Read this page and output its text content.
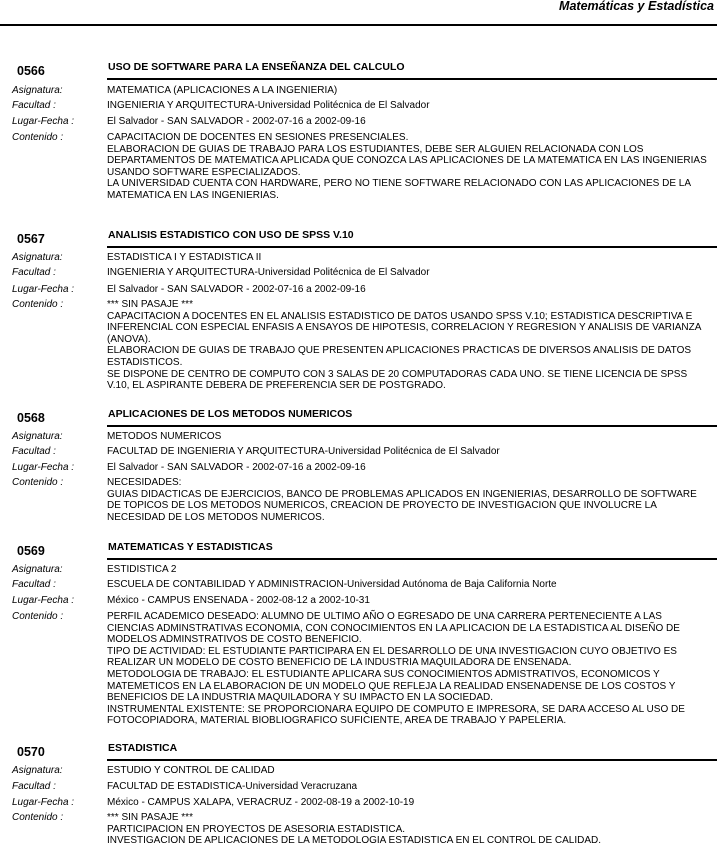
Matemáticas y Estadística
0566	USO DE SOFTWARE PARA LA ENSEÑANZA DEL CALCULO
Asignatura:	MATEMATICA (APLICACIONES A LA INGENIERIA)
Facultad :	INGENIERIA Y ARQUITECTURA-Universidad Politécnica de El Salvador
Lugar-Fecha :	El Salvador - SAN SALVADOR - 2002-07-16 a 2002-09-16
Contenido :	CAPACITACION DE DOCENTES EN SESIONES PRESENCIALES.
ELABORACION DE GUIAS DE TRABAJO PARA LOS ESTUDIANTES, DEBE SER ALGUIEN RELACIONADA CON LOS DEPARTAMENTOS DE MATEMATICA APLICADA QUE CONOZCA LAS APLICACIONES DE LA MATEMATICA EN LAS INGENIERIAS USANDO SOFTWARE ESPECIALIZADOS.
LA UNIVERSIDAD CUENTA CON HARDWARE, PERO NO TIENE SOFTWARE RELACIONADO CON LAS APLICACIONES DE LA MATEMATICA EN LAS INGENIERIAS.
0567	ANALISIS ESTADISTICO CON USO DE SPSS V.10
Asignatura:	ESTADISTICA I Y ESTADISTICA II
Facultad :	INGENIERIA Y ARQUITECTURA-Universidad Politécnica de El Salvador
Lugar-Fecha :	El Salvador - SAN SALVADOR - 2002-07-16 a 2002-09-16
Contenido :	*** SIN PASAJE ***
CAPACITACION A DOCENTES EN EL ANALISIS ESTADISTICO DE DATOS USANDO SPSS V.10; ESTADISTICA DESCRIPTIVA E INFERENCIAL CON ESPECIAL ENFASIS A ENSAYOS DE HIPOTESIS, CORRELACION Y REGRESION Y ANALISIS DE VARIANZA (ANOVA).
ELABORACION DE GUIAS DE TRABAJO QUE PRESENTEN APLICACIONES PRACTICAS DE DIVERSOS ANALISIS DE DATOS ESTADISTICOS.
SE DISPONE DE CENTRO DE COMPUTO CON 3 SALAS DE 20 COMPUTADORAS CADA UNO. SE TIENE LICENCIA DE SPSS V.10, EL ASPIRANTE DEBERA DE PREFERENCIA SER DE POSTGRADO.
0568	APLICACIONES DE LOS METODOS NUMERICOS
Asignatura:	METODOS NUMERICOS
Facultad :	FACULTAD DE INGENIERIA Y ARQUITECTURA-Universidad Politécnica de El Salvador
Lugar-Fecha :	El Salvador - SAN SALVADOR - 2002-07-16 a 2002-09-16
Contenido :	NECESIDADES:
GUIAS DIDACTICAS DE EJERCICIOS, BANCO DE PROBLEMAS APLICADOS EN INGENIERIAS, DESARROLLO DE SOFTWARE DE TOPICOS DE LOS METODOS NUMERICOS, CREACION DE PROYECTO DE INVESTIGACION QUE INVOLUCRE LA NECESIDAD DE LOS METODOS NUMERICOS.
0569	MATEMATICAS Y ESTADISTICAS
Asignatura:	ESTIDISTICA 2
Facultad :	ESCUELA DE CONTABILIDAD Y ADMINISTRACION-Universidad Autónoma de Baja California Norte
Lugar-Fecha :	México - CAMPUS ENSENADA - 2002-08-12 a 2002-10-31
Contenido :	PERFIL ACADEMICO DESEADO: ALUMNO DE ULTIMO AÑO O EGRESADO DE UNA CARRERA PERTENECIENTE A LAS CIENCIAS ADMINSTRATIVAS ECONOMIA, CON CONOCIMIENTOS EN LA APLICACION DE LA ESTADISTICA AL DISEÑO DE MODELOS ADMINSTRATIVOS DE COSTO BENEFICIO.
TIPO DE ACTIVIDAD: EL ESTUDIANTE PARTICIPARA EN EL DESARROLLO DE UNA INVESTIGACION CUYO OBJETIVO ES REALIZAR UN MODELO DE COSTO BENEFICIO DE LA INDUSTRIA MAQUILADORA DE ENSENADA.
METODOLOGIA DE TRABAJO: EL ESTUDIANTE APLICARA SUS CONOCIMIENTOS ADMISTRATIVOS, ECONOMICOS Y MATEMETICOS EN LA ELABORACION DE UN MODELO QUE REFLEJA LA REALIDAD ENSENADENSE DE LOS COSTOS Y BENEFICIOS DE LA INDUSTRIA MAQUILADORA Y SU IMPACTO EN LA SOCIEDAD.
INSTRUMENTAL EXISTENTE: SE PROPORCIONARA EQUIPO DE COMPUTO E IMPRESORA, SE DARA ACCESO AL USO DE FOTOCOPIADORA, MATERIAL BIOBLIOGRAFICO SUFICIENTE, AREA DE TRABAJO Y PAPELERIA.
0570	ESTADISTICA
Asignatura:	ESTUDIO Y CONTROL DE CALIDAD
Facultad :	FACULTAD DE ESTADISTICA-Universidad Veracruzana
Lugar-Fecha :	México - CAMPUS XALAPA, VERACRUZ - 2002-08-19 a 2002-10-19
Contenido :	*** SIN PASAJE ***
PARTICIPACION EN PROYECTOS DE ASESORIA ESTADISTICA.
INVESTIGACION DE APLICACIONES DE LA METODOLOGIA ESTADISTICA EN EL CONTROL DE CALIDAD.
